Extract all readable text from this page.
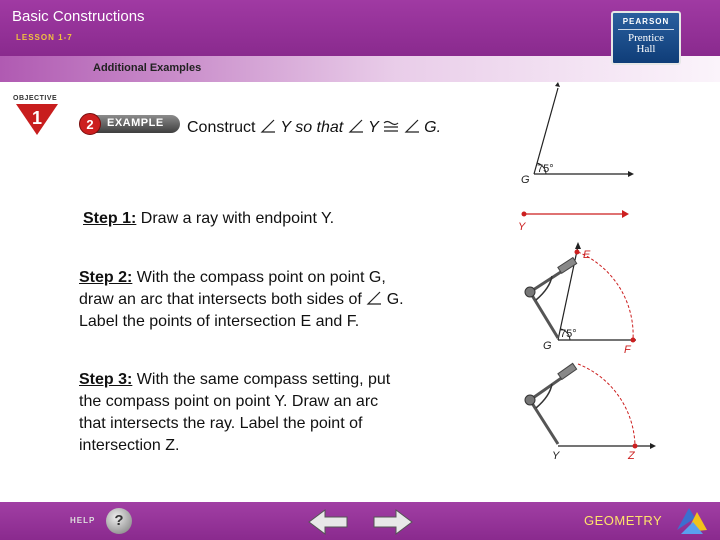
Basic Constructions
LESSON 1-7
Additional Examples
PEARSON
Prentice
Hall
OBJECTIVE
1	EXAMPLE
2	Construct Y so that Y	G.
Step 1: Draw a ray with endpoint Y.
Step 2: With the compass point on point G,
draw an arc that intersects both sides of G.
Label the points of intersection E and F.
Step 3: With the same compass setting, put
the compass point on point Y. Draw an arc
that intersects the ray. Label the point of
intersection Z.
75°
G
Y
75°
G
E
F
Y	Z
HELP	?	GEOMETRY
